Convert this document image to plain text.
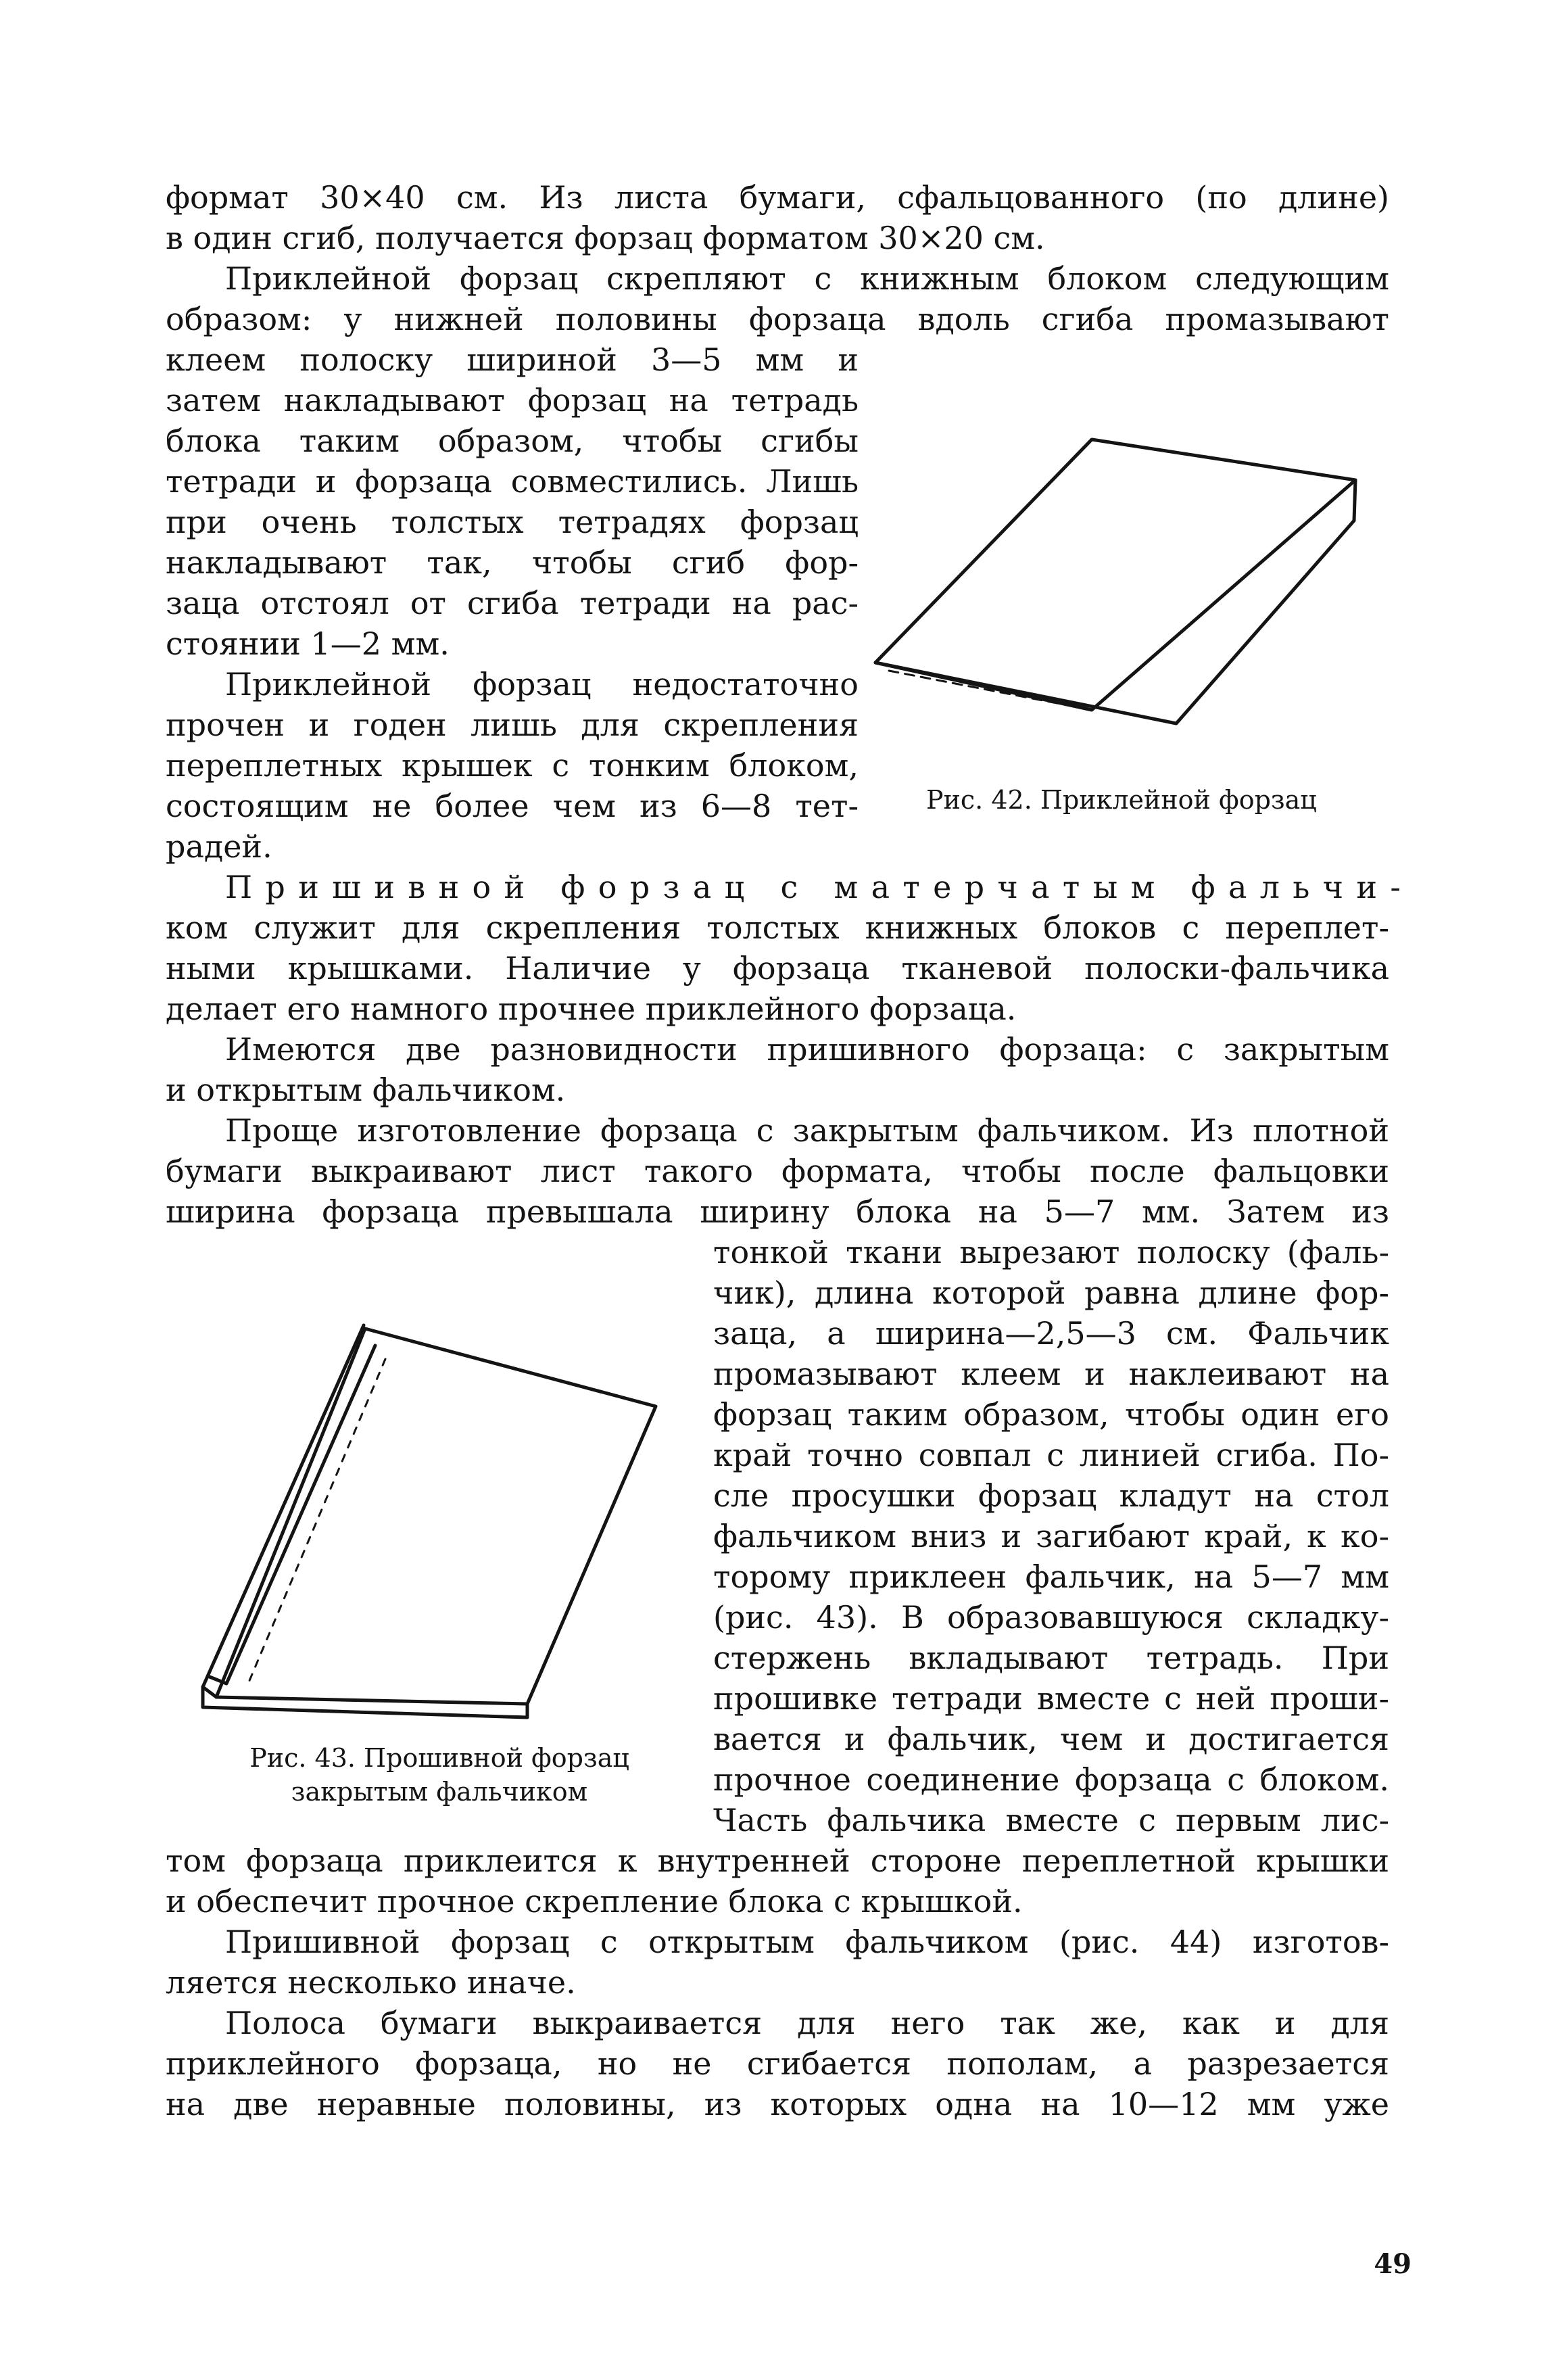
формат 30×40 см. Из листа бумаги, сфальцованного (по длине)
в один сгиб, получается форзац форматом 30×20 см.
Приклейной форзац скрепляют с книжным блоком следующим
образом: у нижней половины форзаца вдоль сгиба промазывают
клеем полоску шириной 3—5 мм и
затем накладывают форзац на тетрадь
блока таким образом, чтобы сгибы
тетради и форзаца совместились. Лишь
при очень толстых тетрадях форзац
накладывают так, чтобы сгиб фор-
заца отстоял от сгиба тетради на рас-
стоянии 1—2 мм.
Приклейной форзац недостаточно
прочен и годен лишь для скрепления
переплетных крышек с тонким блоком,
состоящим не более чем из 6—8 тет-
радей.
Рис. 42. Приклейной форзац
Пришивной форзац с матерчатым фальчи-
ком служит для скрепления толстых книжных блоков с переплет-
ными крышками. Наличие у форзаца тканевой полоски-фальчика
делает его намного прочнее приклейного форзаца.
Имеются две разновидности пришивного форзаца: с закрытым
и открытым фальчиком.
Проще изготовление форзаца с закрытым фальчиком. Из плотной
бумаги выкраивают лист такого формата, чтобы после фальцовки
ширина форзаца превышала ширину блока на 5—7 мм. Затем из
тонкой ткани вырезают полоску (фаль-
чик), длина которой равна длине фор-
заца, а ширина—2,5—3 см. Фальчик
промазывают клеем и наклеивают на
форзац таким образом, чтобы один его
край точно совпал с линией сгиба. По-
сле просушки форзац кладут на стол
фальчиком вниз и загибают край, к ко-
торому приклеен фальчик, на 5—7 мм
(рис. 43). В образовавшуюся складку-
стержень вкладывают тетрадь. При
прошивке тетради вместе с ней проши-
вается и фальчик, чем и достигается
прочное соединение форзаца с блоком.
Часть фальчика вместе с первым лис-
Рис. 43. Прошивной форзац
закрытым фальчиком
том форзаца приклеится к внутренней стороне переплетной крышки
и обеспечит прочное скрепление блока с крышкой.
Пришивной форзац с открытым фальчиком (рис. 44) изготов-
ляется несколько иначе.
Полоса бумаги выкраивается для него так же, как и для
приклейного форзаца, но не сгибается пополам, а разрезается
на две неравные половины, из которых одна на 10—12 мм уже
49
